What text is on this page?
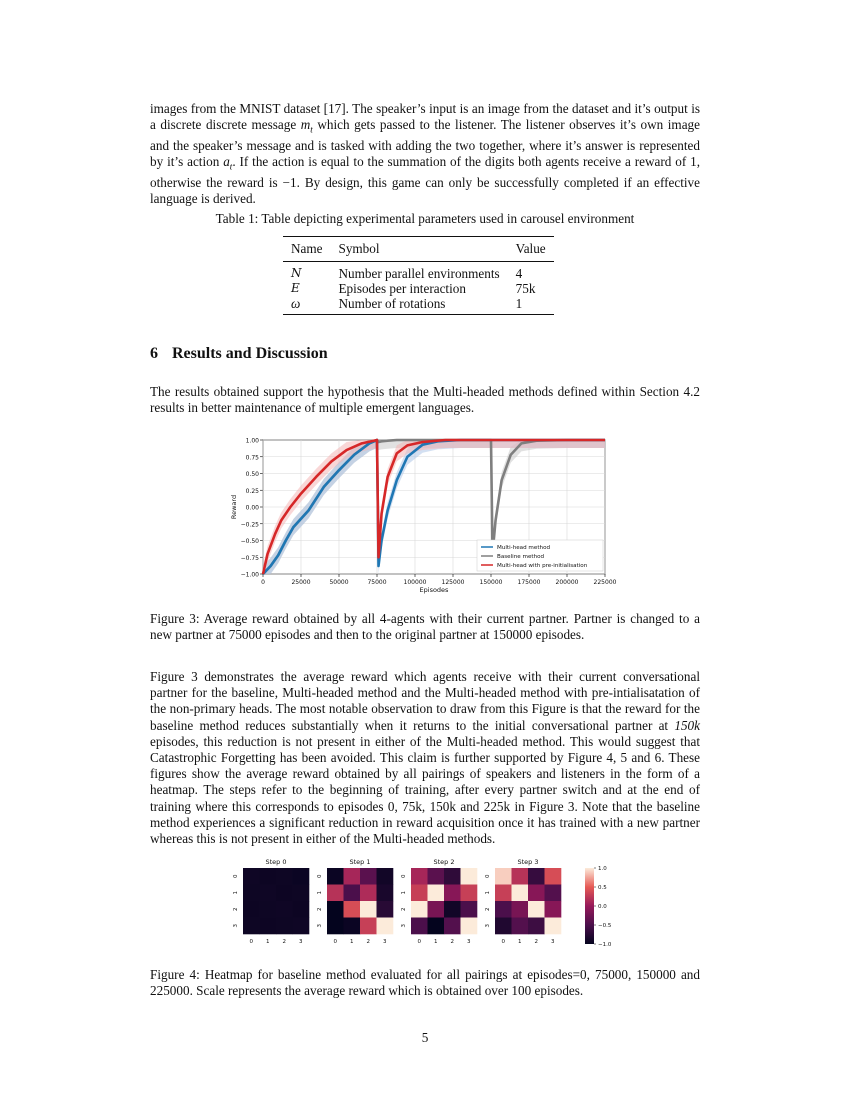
images from the MNIST dataset [17]. The speaker’s input is an image from the dataset and it’s output is a discrete discrete message $m_t$ which gets passed to the listener. The listener observes it’s own image and the speaker’s message and is tasked with adding the two together, where it’s answer is represented by it’s action $a_t$. If the action is equal to the summation of the digits both agents receive a reward of 1, otherwise the reward is −1. By design, this game can only be successfully completed if an effective language is derived.
Table 1: Table depicting experimental parameters used in carousel environment
Name	Symbol	Value
N	Number parallel environments	4
E	Episodes per interaction	75k
ω	Number of rotations	1
6 Results and Discussion

The results obtained support the hypothesis that the Multi-headed methods defined within Section 4.2 results in better maintenance of multiple emergent languages.

−1.00
−0.75
−0.50
−0.25
0.00
0.25
0.50
0.75
1.00
0	25000	50000	75000	100000	125000	150000	175000	200000	225000
Episodes
Reward
Multi-head method
Baseline method
Multi-head with pre-initialisation

Figure 3: Average reward obtained by all 4-agents with their current partner. Partner is changed to a new partner at 75000 episodes and then to the original partner at 150000 episodes.

Figure 3 demonstrates the average reward which agents receive with their current conversational partner for the baseline, Multi-headed method and the Multi-headed method with pre-intialisatation of the non-primary heads. The most notable observation to draw from this Figure is that the reward for the baseline method reduces substantially when it returns to the initial conversational partner at 150k episodes, this reduction is not present in either of the Multi-headed method. This would suggest that Catastrophic Forgetting has been avoided. This claim is further supported by Figure 4, 5 and 6. These figures show the average reward obtained by all pairings of speakers and listeners in the form of a heatmap. The steps refer to the beginning of training, after every partner switch and at the end of training where this corresponds to episodes 0, 75k, 150k and 225k in Figure 3. Note that the baseline method experiences a significant reduction in reward acquisition once it has trained with a new partner whereas this is not present in either of the Multi-headed methods.

Step 0
0 1 2 3
0
1
2
3
Step 1
0 1 2 3
0
1
2
3
Step 2
0 1 2 3
0
1
2
3
Step 3
0 1 2 3
0
1
2
3
1.0
0.5
0.0
−0.5
−1.0

Figure 4: Heatmap for baseline method evaluated for all pairings at episodes=0, 75000, 150000 and 225000. Scale represents the average reward which is obtained over 100 episodes.

5
